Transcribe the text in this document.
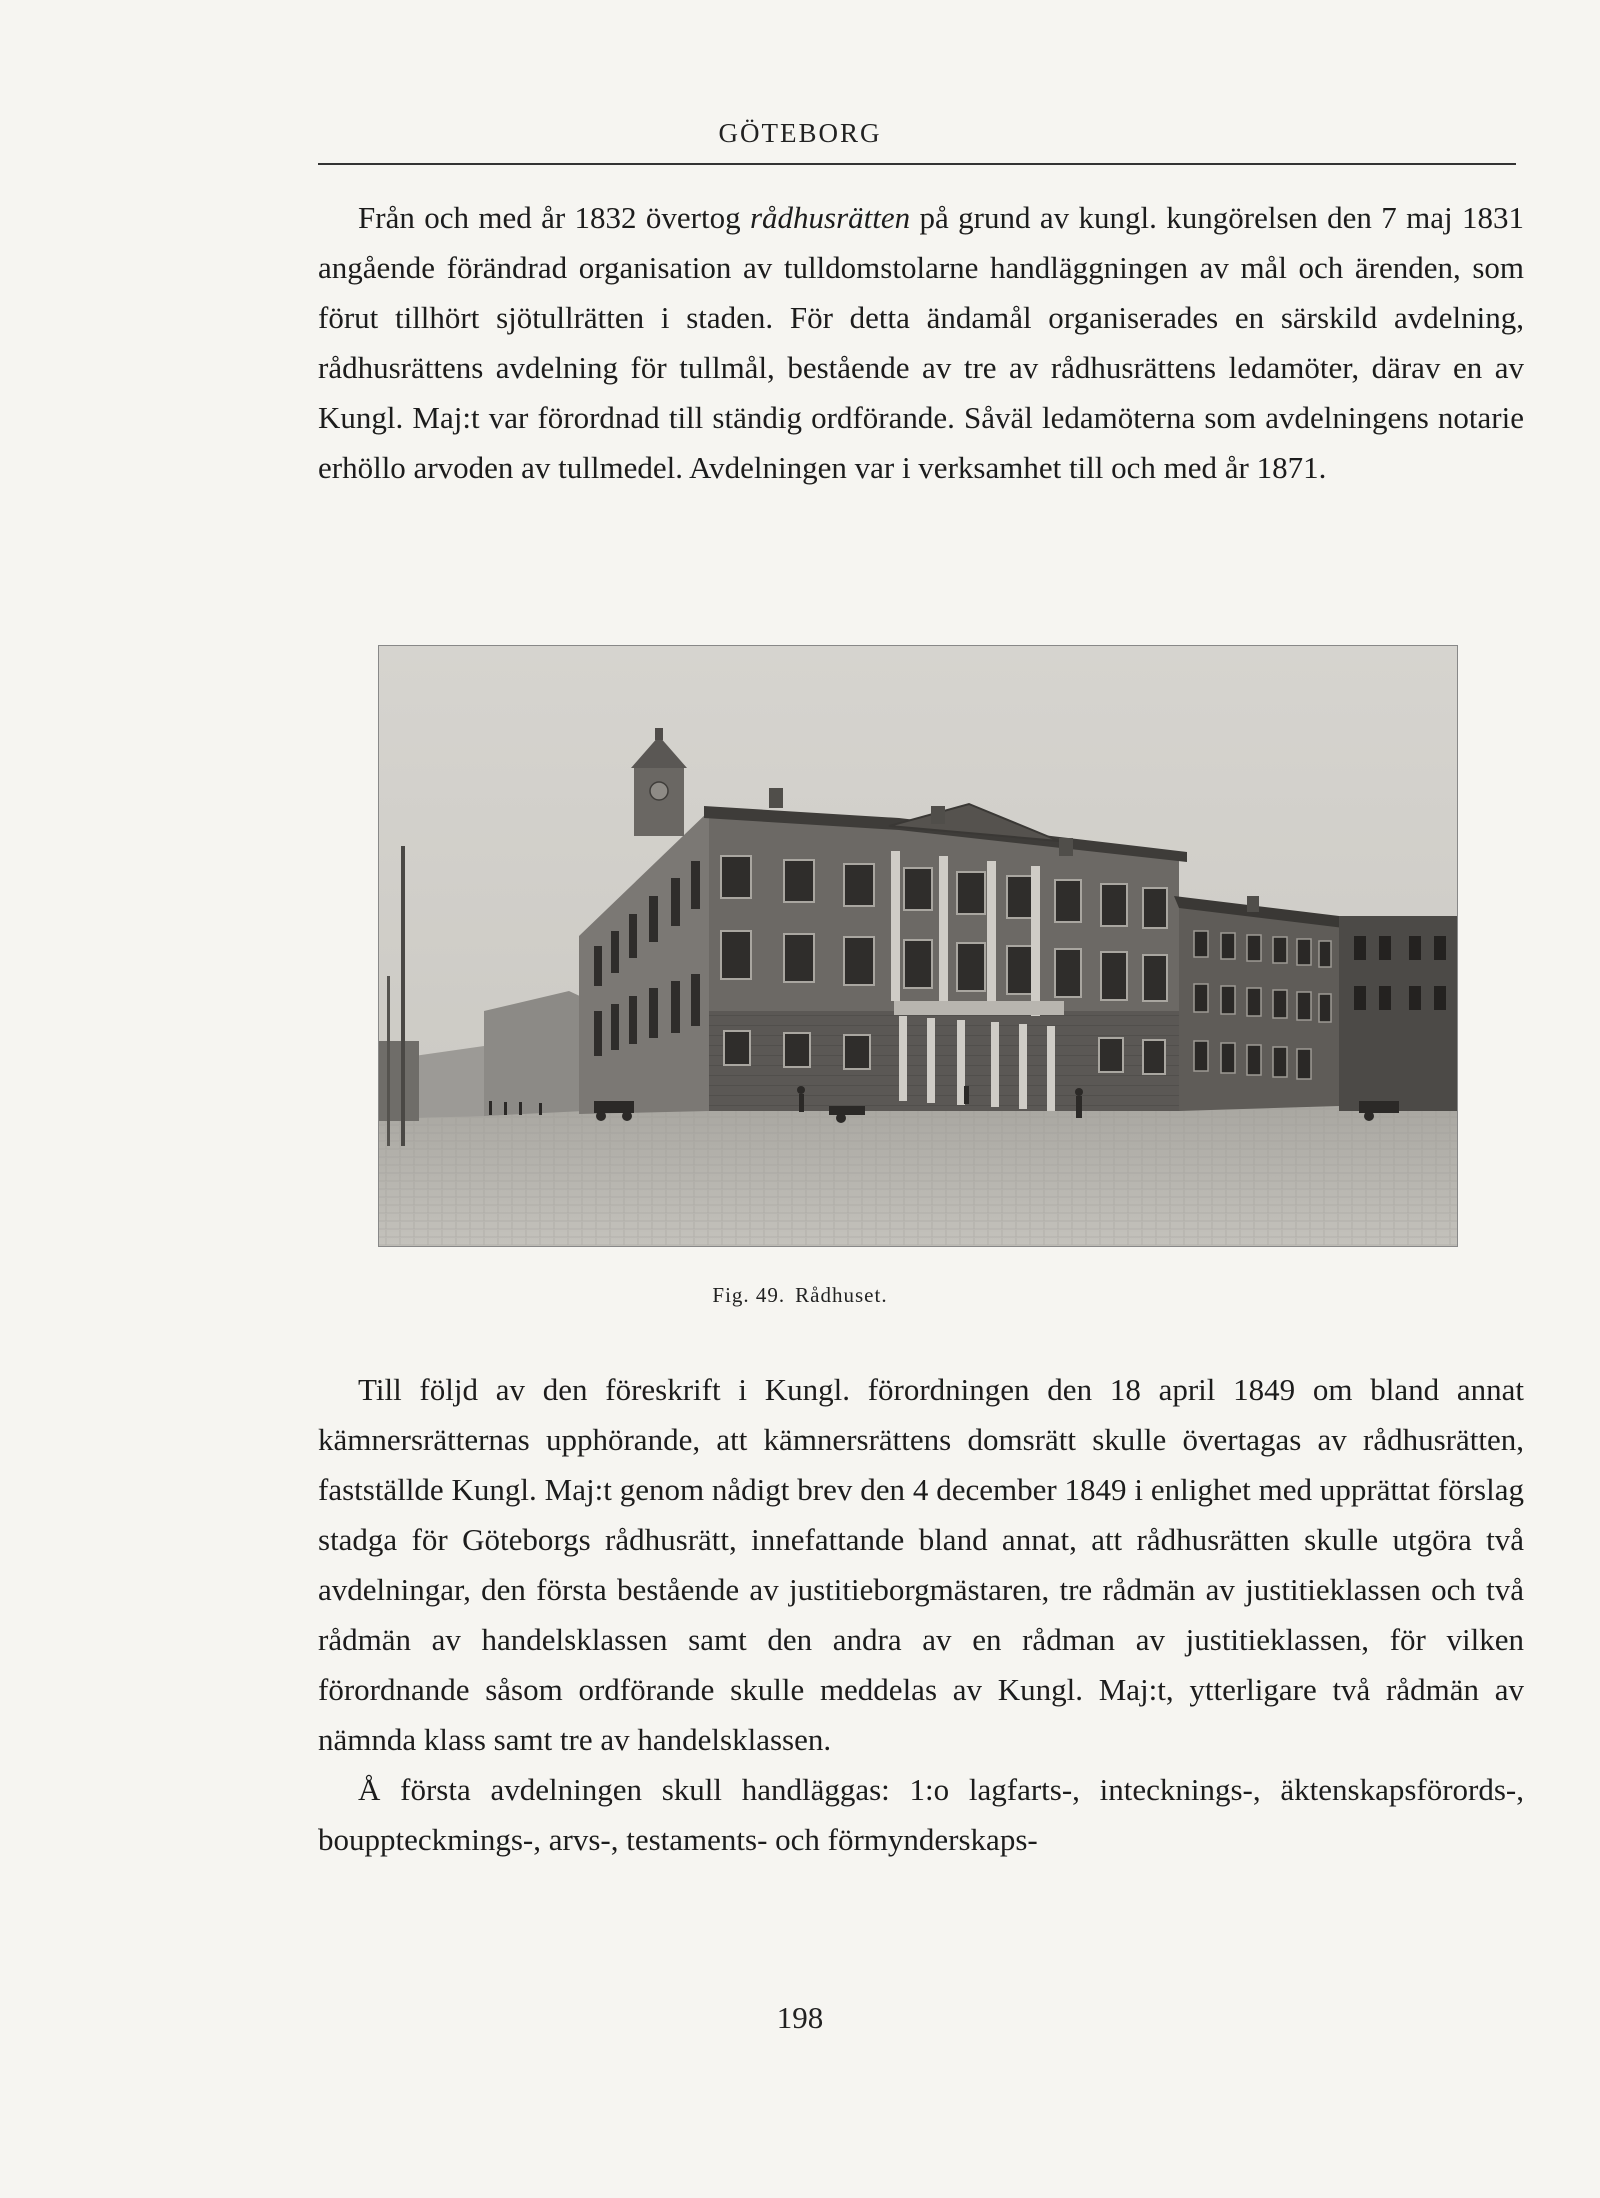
GÖTEBORG

Från och med år 1832 övertog rådhusrätten på grund av kungl. kungörelsen den 7 maj 1831 angående förändrad organisation av tulldomstolarne handläggningen av mål och ärenden, som förut tillhört sjötullrätten i staden. För detta ändamål organiserades en särskild avdelning, rådhusrättens avdelning för tullmål, bestående av tre av rådhusrättens ledamöter, därav en av Kungl. Maj:t var förordnad till ständig ordförande. Såväl ledamöterna som avdelningens notarie erhöllo arvoden av tullmedel. Avdelningen var i verksamhet till och med år 1871.

Fig. 49. Rådhuset.

Till följd av den föreskrift i Kungl. förordningen den 18 april 1849 om bland annat kämnersrätternas upphörande, att kämnersrättens domsrätt skulle övertagas av rådhusrätten, fastställde Kungl. Maj:t genom nådigt brev den 4 december 1849 i enlighet med upprättat förslag stadga för Göteborgs rådhusrätt, innefattande bland annat, att rådhusrätten skulle utgöra två avdelningar, den första bestående av justitieborgmästaren, tre rådmän av justitieklassen och två rådmän av handelsklassen samt den andra av en rådman av justitieklassen, för vilken förordnande såsom ordförande skulle meddelas av Kungl. Maj:t, ytterligare två rådmän av nämnda klass samt tre av handelsklassen.

Å första avdelningen skull handläggas: 1:o lagfarts-, intecknings-, äktenskapsförords-, bouppteckmings-, arvs-, testaments- och förmynderskaps-

198
